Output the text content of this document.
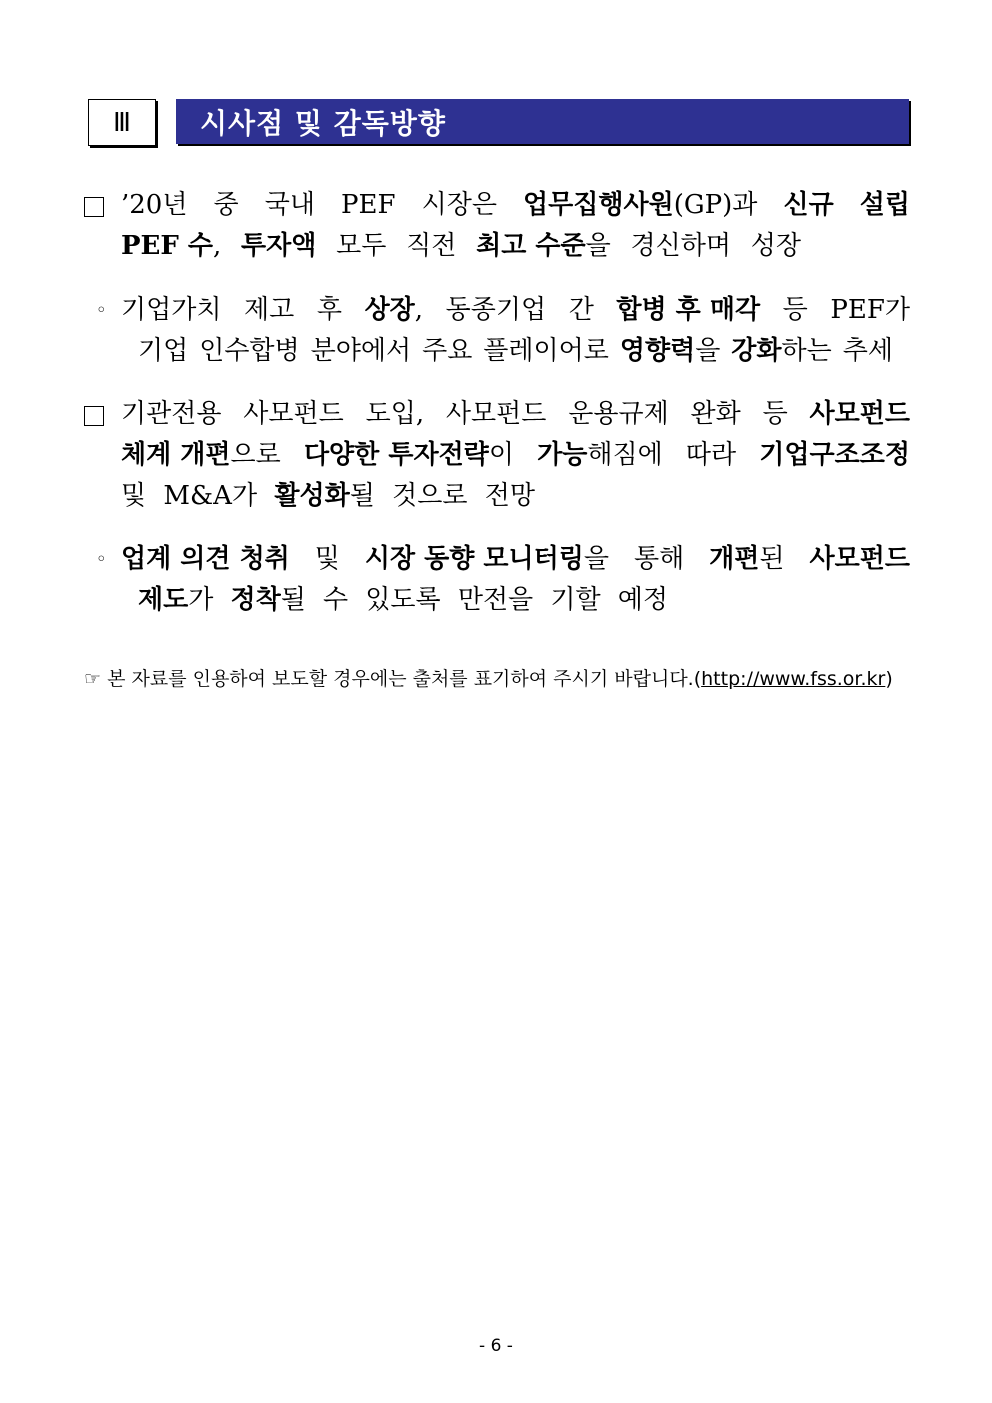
Ⅲ 시사점 및 감독방향
’20년 중 국내 PEF 시장은 업무집행사원(GP)과 신규 설립
PEF 수, 투자액 모두 직전 최고 수준을 경신하며 성장
◦ 기업가치 제고 후 상장, 동종기업 간 합병 후 매각 등 PEF가
기업 인수합병 분야에서 주요 플레이어로 영향력을 강화하는 추세
기관전용 사모펀드 도입, 사모펀드 운용규제 완화 등 사모펀드
체계 개편으로 다양한 투자전략이 가능해짐에 따라 기업구조조정
및 M&A가 활성화될 것으로 전망
◦ 업계 의견 청취 및 시장 동향 모니터링을 통해 개편된 사모펀드
제도가 정착될 수 있도록 만전을 기할 예정
☞ 본 자료를 인용하여 보도할 경우에는 출처를 표기하여 주시기 바랍니다.(http://www.fss.or.kr)
- 6 -
